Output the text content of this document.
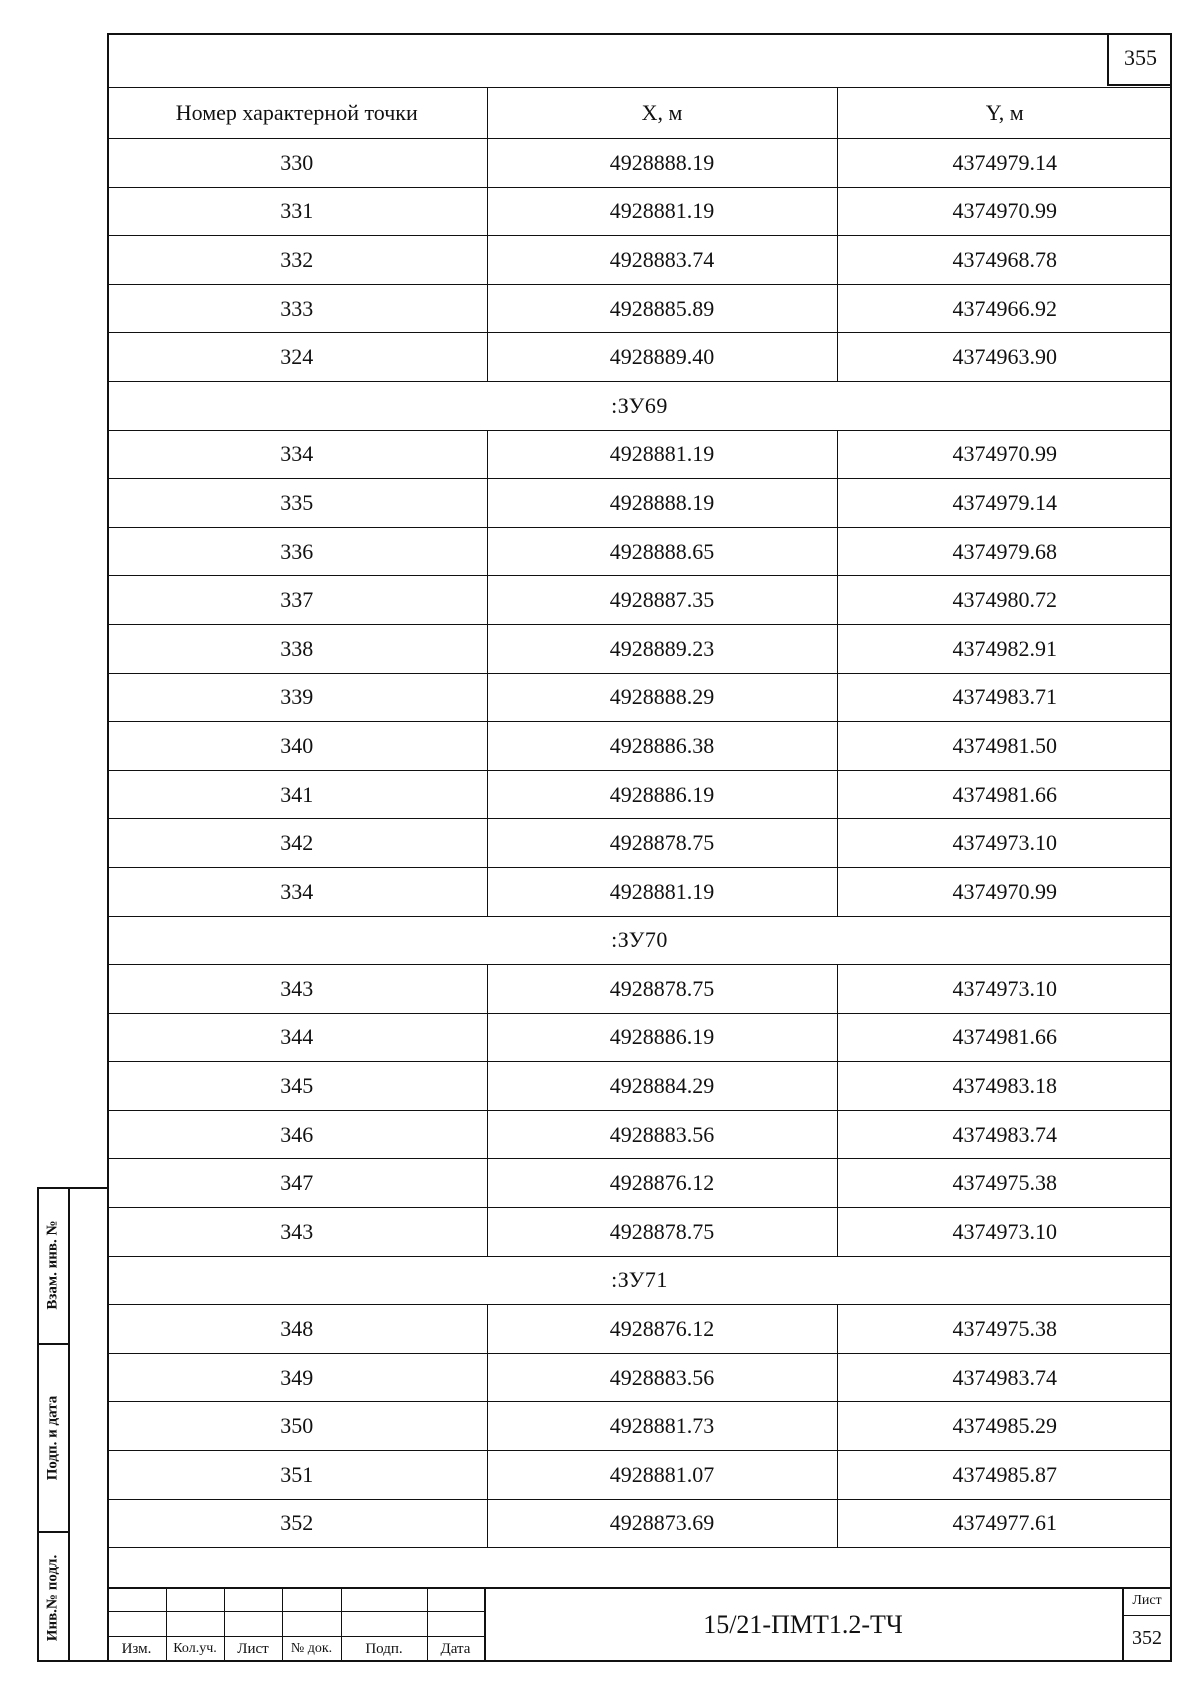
355
Номер характерной точки	X, м	Y, м
330	4928888.19	4374979.14
331	4928881.19	4374970.99
332	4928883.74	4374968.78
333	4928885.89	4374966.92
324	4928889.40	4374963.90
:ЗУ69		
334	4928881.19	4374970.99
335	4928888.19	4374979.14
336	4928888.65	4374979.68
337	4928887.35	4374980.72
338	4928889.23	4374982.91
339	4928888.29	4374983.71
340	4928886.38	4374981.50
341	4928886.19	4374981.66
342	4928878.75	4374973.10
334	4928881.19	4374970.99
:ЗУ70		
343	4928878.75	4374973.10
344	4928886.19	4374981.66
345	4928884.29	4374983.18
346	4928883.56	4374983.74
347	4928876.12	4374975.38
343	4928878.75	4374973.10
:ЗУ71		
348	4928876.12	4374975.38
349	4928883.56	4374983.74
350	4928881.73	4374985.29
351	4928881.07	4374985.87
352	4928873.69	4374977.61
Взам. инв. №
Подп. и дата
Инв.№ подл.
Изм.	Кол.уч.	Лист	№ док.	Подп.	Дата
15/21-ПМТ1.2-ТЧ
Лист
352
